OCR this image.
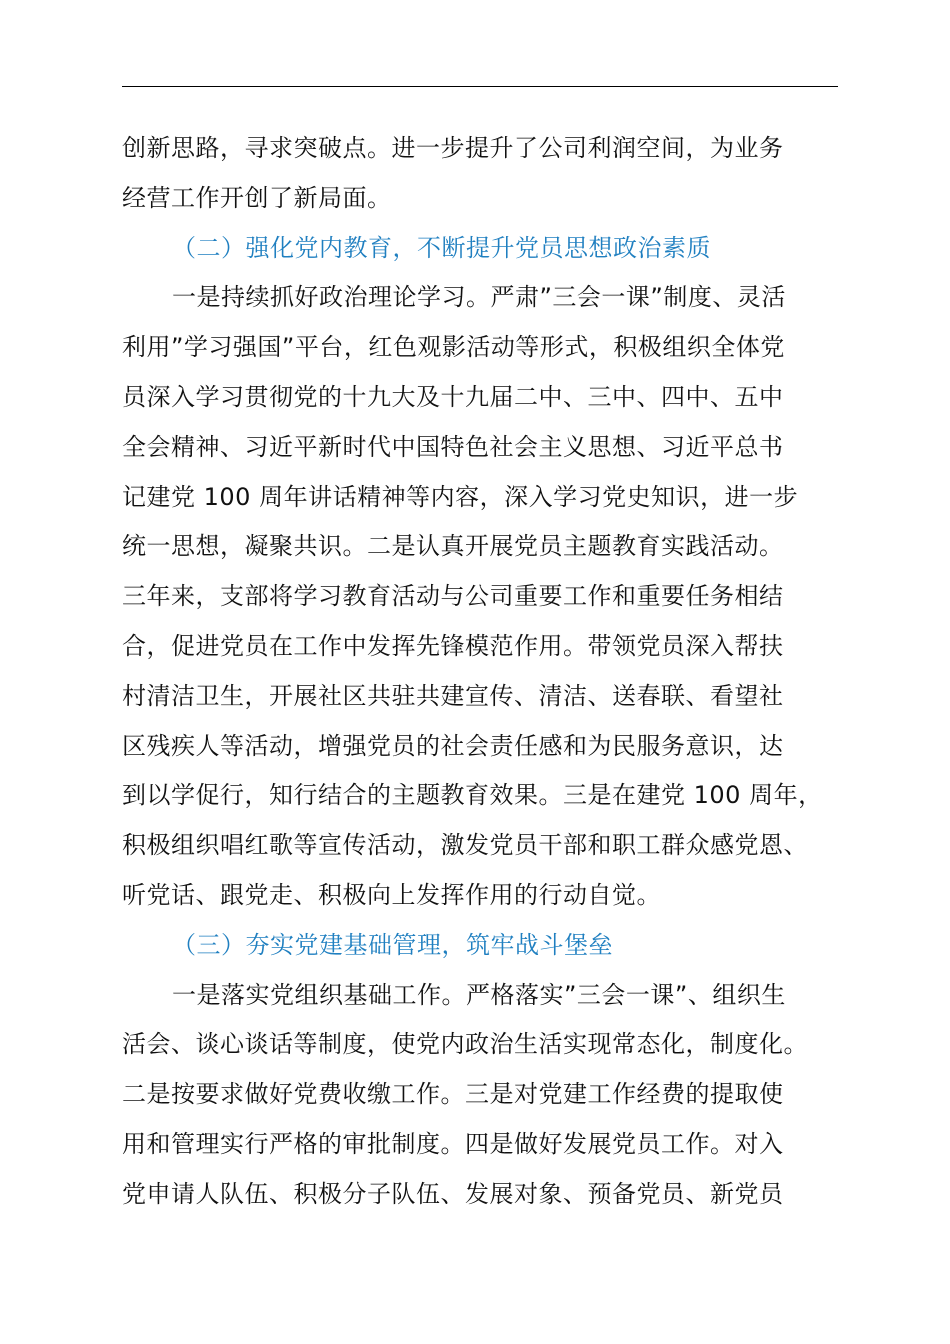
创新思路，寻求突破点。进一步提升了公司利润空间，为业务
经营工作开创了新局面。
（二）强化党内教育，不断提升党员思想政治素质
一是持续抓好政治理论学习。严肃”三会一课”制度、灵活
利用”学习强国”平台，红色观影活动等形式，积极组织全体党
员深入学习贯彻党的十九大及十九届二中、三中、四中、五中
全会精神、习近平新时代中国特色社会主义思想、习近平总书
记建党 100 周年讲话精神等内容，深入学习党史知识，进一步
统一思想，凝聚共识。二是认真开展党员主题教育实践活动。
三年来，支部将学习教育活动与公司重要工作和重要任务相结
合，促进党员在工作中发挥先锋模范作用。带领党员深入帮扶
村清洁卫生，开展社区共驻共建宣传、清洁、送春联、看望社
区残疾人等活动，增强党员的社会责任感和为民服务意识，达
到以学促行，知行结合的主题教育效果。三是在建党 100 周年，
积极组织唱红歌等宣传活动，激发党员干部和职工群众感党恩、
听党话、跟党走、积极向上发挥作用的行动自觉。
（三）夯实党建基础管理，筑牢战斗堡垒
一是落实党组织基础工作。严格落实”三会一课”、组织生
活会、谈心谈话等制度，使党内政治生活实现常态化，制度化。
二是按要求做好党费收缴工作。三是对党建工作经费的提取使
用和管理实行严格的审批制度。四是做好发展党员工作。对入
党申请人队伍、积极分子队伍、发展对象、预备党员、新党员
